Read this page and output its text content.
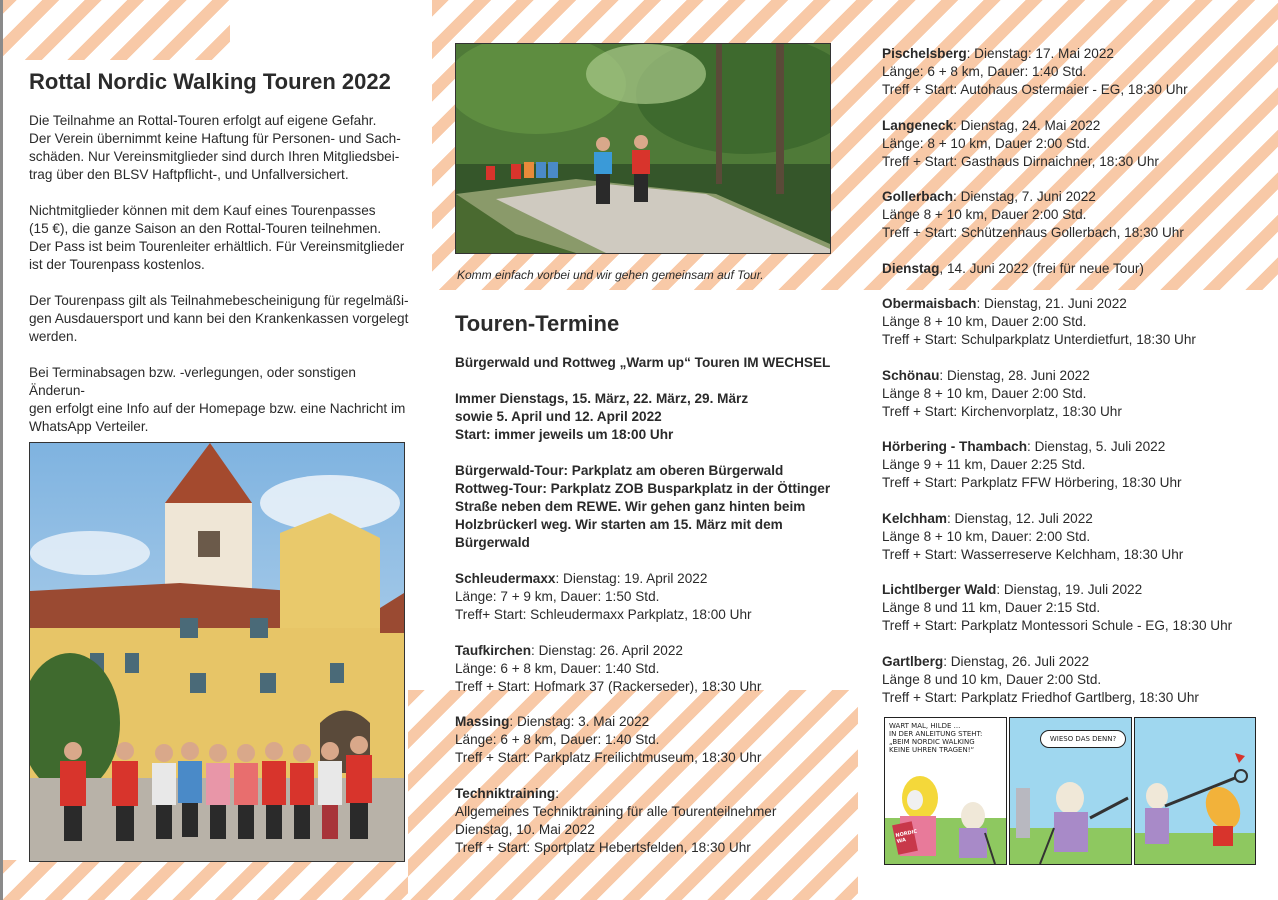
Rottal Nordic Walking Touren 2022

Die Teilnahme an Rottal-Touren erfolgt auf eigene Gefahr.
Der Verein übernimmt keine Haftung für Personen- und Sach-
schäden. Nur Vereinsmitglieder sind durch Ihren Mitgliedsbei-
trag über den BLSV Haftpflicht-, und Unfallversichert.

Nichtmitglieder können mit dem Kauf eines Tourenpasses
(15 €), die ganze Saison an den Rottal-Touren teilnehmen.
Der Pass ist beim Tourenleiter erhältlich. Für Vereinsmitglieder
ist der Tourenpass kostenlos.

Der Tourenpass gilt als Teilnahmebescheinigung für regelmäßi-
gen Ausdauersport und kann bei den Krankenkassen vorgelegt
werden.

Bei Terminabsagen bzw. -verlegungen, oder sonstigen Änderun-
gen erfolgt eine Info auf der Homepage bzw. eine Nachricht im
WhatsApp Verteiler.

Komm einfach vorbei und wir gehen gemeinsam auf Tour.
Touren-Termine

Bürgerwald und Rottweg „Warm up“ Touren IM WECHSEL

Immer Dienstags, 15. März, 22. März, 29. März
sowie 5. April und 12. April 2022
Start: immer jeweils um 18:00 Uhr

Bürgerwald-Tour: Parkplatz am oberen Bürgerwald
Rottweg-Tour: Parkplatz ZOB Busparkplatz in der Öttinger
Straße neben dem REWE. Wir gehen ganz hinten beim
Holzbrückerl weg. Wir starten am 15. März mit dem
Bürgerwald

Schleudermaxx: Dienstag: 19. April 2022
Länge: 7 + 9 km, Dauer: 1:50 Std.
Treff+ Start: Schleudermaxx Parkplatz, 18:00 Uhr
Taufkirchen: Dienstag: 26. April 2022
Länge: 6 + 8 km, Dauer: 1:40 Std.
Treff + Start: Hofmark 37 (Rackerseder), 18:30 Uhr
Massing: Dienstag: 3. Mai 2022
Länge: 6 + 8 km, Dauer: 1:40 Std.
Treff + Start: Parkplatz Freilichtmuseum, 18:30 Uhr
Techniktraining:
Allgemeines Techniktraining für alle Tourenteilnehmer
Dienstag, 10. Mai 2022
Treff + Start: Sportplatz Hebertsfelden, 18:30 Uhr
Pischelsberg: Dienstag: 17. Mai 2022
Länge: 6 + 8 km, Dauer: 1:40 Std.
Treff + Start: Autohaus Ostermaier - EG, 18:30 Uhr
Langeneck: Dienstag, 24. Mai 2022
Länge: 8 + 10 km, Dauer 2:00 Std.
Treff + Start: Gasthaus Dirnaichner, 18:30 Uhr
Gollerbach: Dienstag, 7. Juni 2022
Länge 8 + 10 km, Dauer 2:00 Std.
Treff + Start: Schützenhaus Gollerbach, 18:30 Uhr
Dienstag, 14. Juni 2022 (frei für neue Tour)
Obermaisbach: Dienstag, 21. Juni 2022
Länge 8 + 10 km, Dauer 2:00 Std.
Treff + Start: Schulparkplatz Unterdietfurt, 18:30 Uhr
Schönau: Dienstag, 28. Juni 2022
Länge 8 + 10 km, Dauer 2:00 Std.
Treff + Start: Kirchenvorplatz, 18:30 Uhr
Hörbering - Thambach: Dienstag, 5. Juli 2022
Länge 9 + 11 km, Dauer 2:25 Std.
Treff + Start: Parkplatz FFW Hörbering, 18:30 Uhr
Kelchham: Dienstag, 12. Juli 2022
Länge 8 + 10 km, Dauer: 2:00 Std.
Treff + Start: Wasserreserve Kelchham, 18:30 Uhr
Lichtlberger Wald: Dienstag, 19. Juli 2022
Länge 8 und 11 km, Dauer 2:15 Std.
Treff + Start: Parkplatz Montessori Schule - EG, 18:30 Uhr
Gartlberg: Dienstag, 26. Juli 2022
Länge 8 und 10 km, Dauer 2:00 Std.
Treff + Start: Parkplatz Friedhof Gartlberg, 18:30 Uhr
WART MAL, HILDE ...
IN DER ANLEITUNG STEHT:
„BEIM NORDIC WALKING
KEINE UHREN TRAGEN!“
NORDIC WA
WIESO DAS DENN?
